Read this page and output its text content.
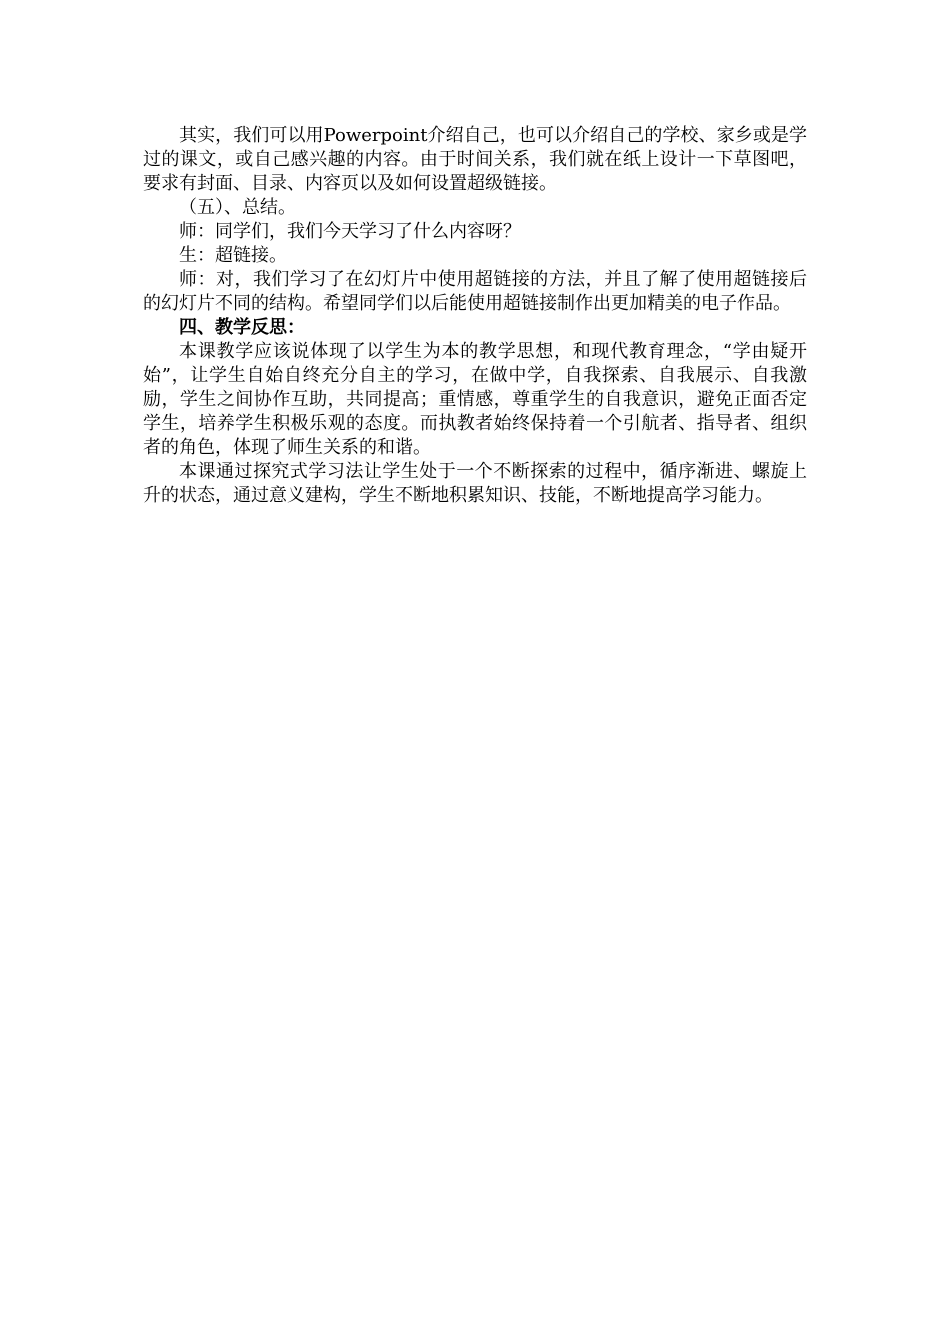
其实，我们可以用Powerpoint介绍自己，也可以介绍自己的学校、家乡或是学过的课文，或自己感兴趣的内容。由于时间关系，我们就在纸上设计一下草图吧，要求有封面、目录、内容页以及如何设置超级链接。

（五）、总结。

师：同学们，我们今天学习了什么内容呀？

生：超链接。

师：对，我们学习了在幻灯片中使用超链接的方法，并且了解了使用超链接后的幻灯片不同的结构。希望同学们以后能使用超链接制作出更加精美的电子作品。

四、教学反思：

本课教学应该说体现了以学生为本的教学思想，和现代教育理念，“学由疑开始”，让学生自始自终充分自主的学习，在做中学，自我探索、自我展示、自我激励，学生之间协作互助，共同提高；重情感，尊重学生的自我意识，避免正面否定学生，培养学生积极乐观的态度。而执教者始终保持着一个引航者、指导者、组织者的角色，体现了师生关系的和谐。

本课通过探究式学习法让学生处于一个不断探索的过程中，循序渐进、螺旋上升的状态，通过意义建构，学生不断地积累知识、技能，不断地提高学习能力。
